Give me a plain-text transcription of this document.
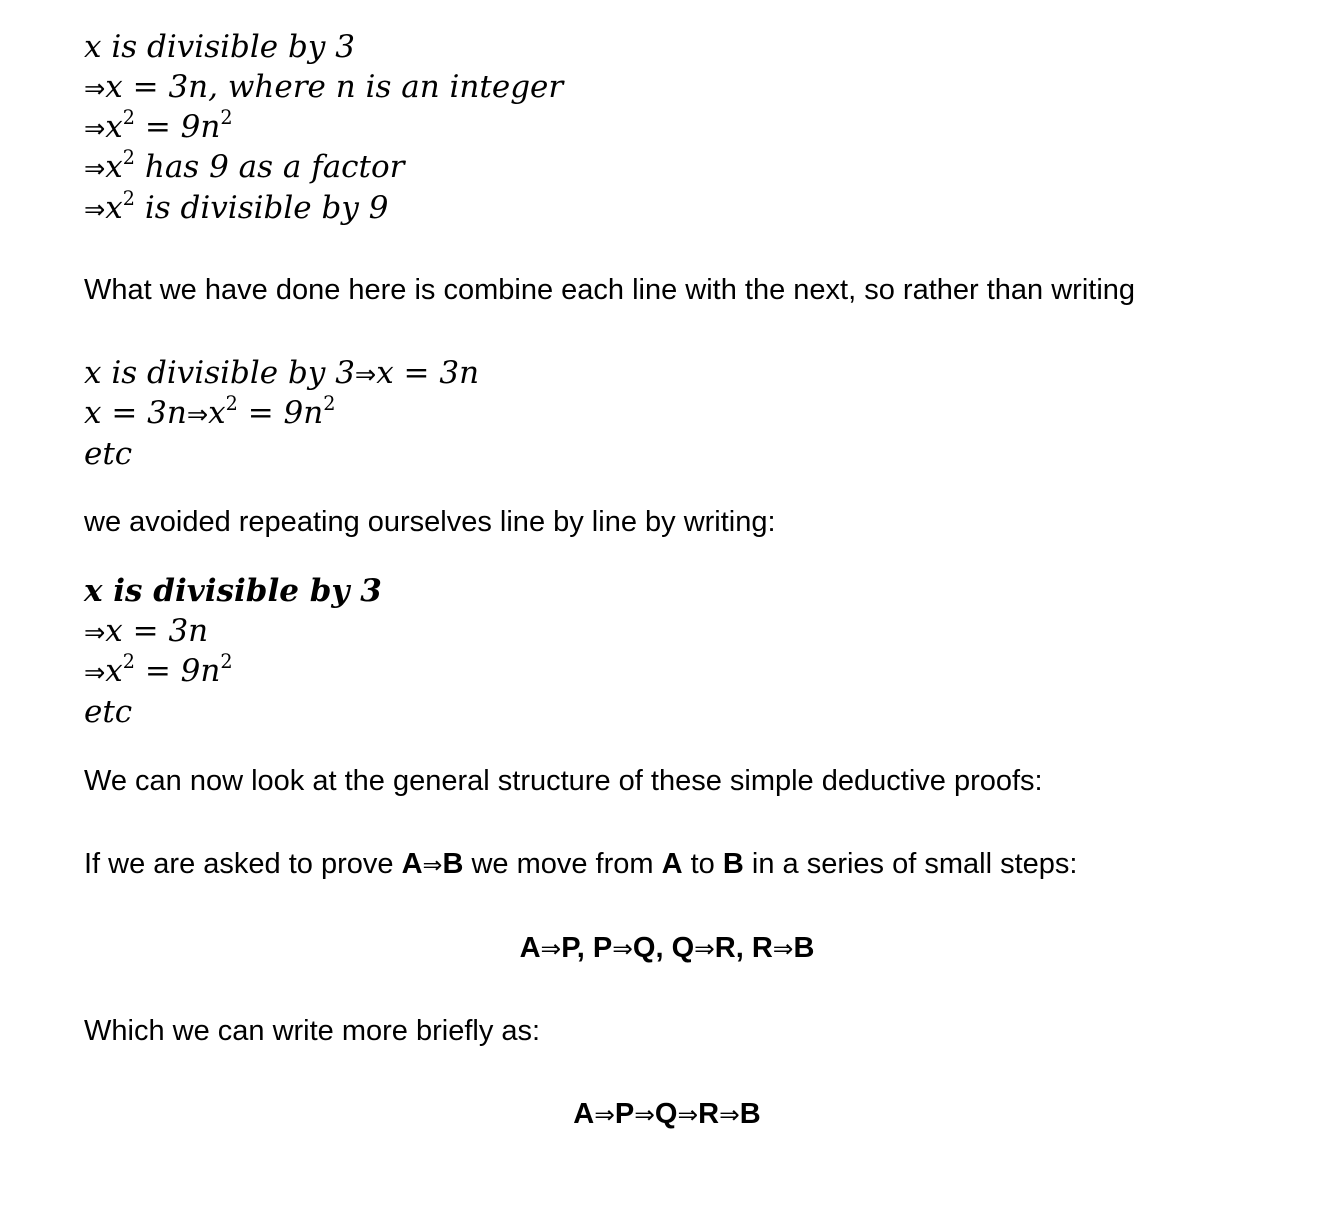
x is divisible by 3
⇒x = 3n, where n is an integer
$\Rightarrow x^2 = 9n^2$
$\Rightarrow x^2$ has 9 as a factor
$\Rightarrow x^2$ is divisible by 9
What we have done here is combine each line with the next, so rather than writing
x is divisible by 3⇒x = 3n
$x = 3n\Rightarrow x^2 = 9n^2$
etc
we avoided repeating ourselves line by line by writing:
x is divisible by 3
⇒x = 3n
$\Rightarrow x^2 = 9n^2$
etc
We can now look at the general structure of these simple deductive proofs:
If we are asked to prove A⇒B we move from A to B in a series of small steps:
A⇒P, P⇒Q, Q⇒R, R⇒B
Which we can write more briefly as:
A⇒P⇒Q⇒R⇒B
